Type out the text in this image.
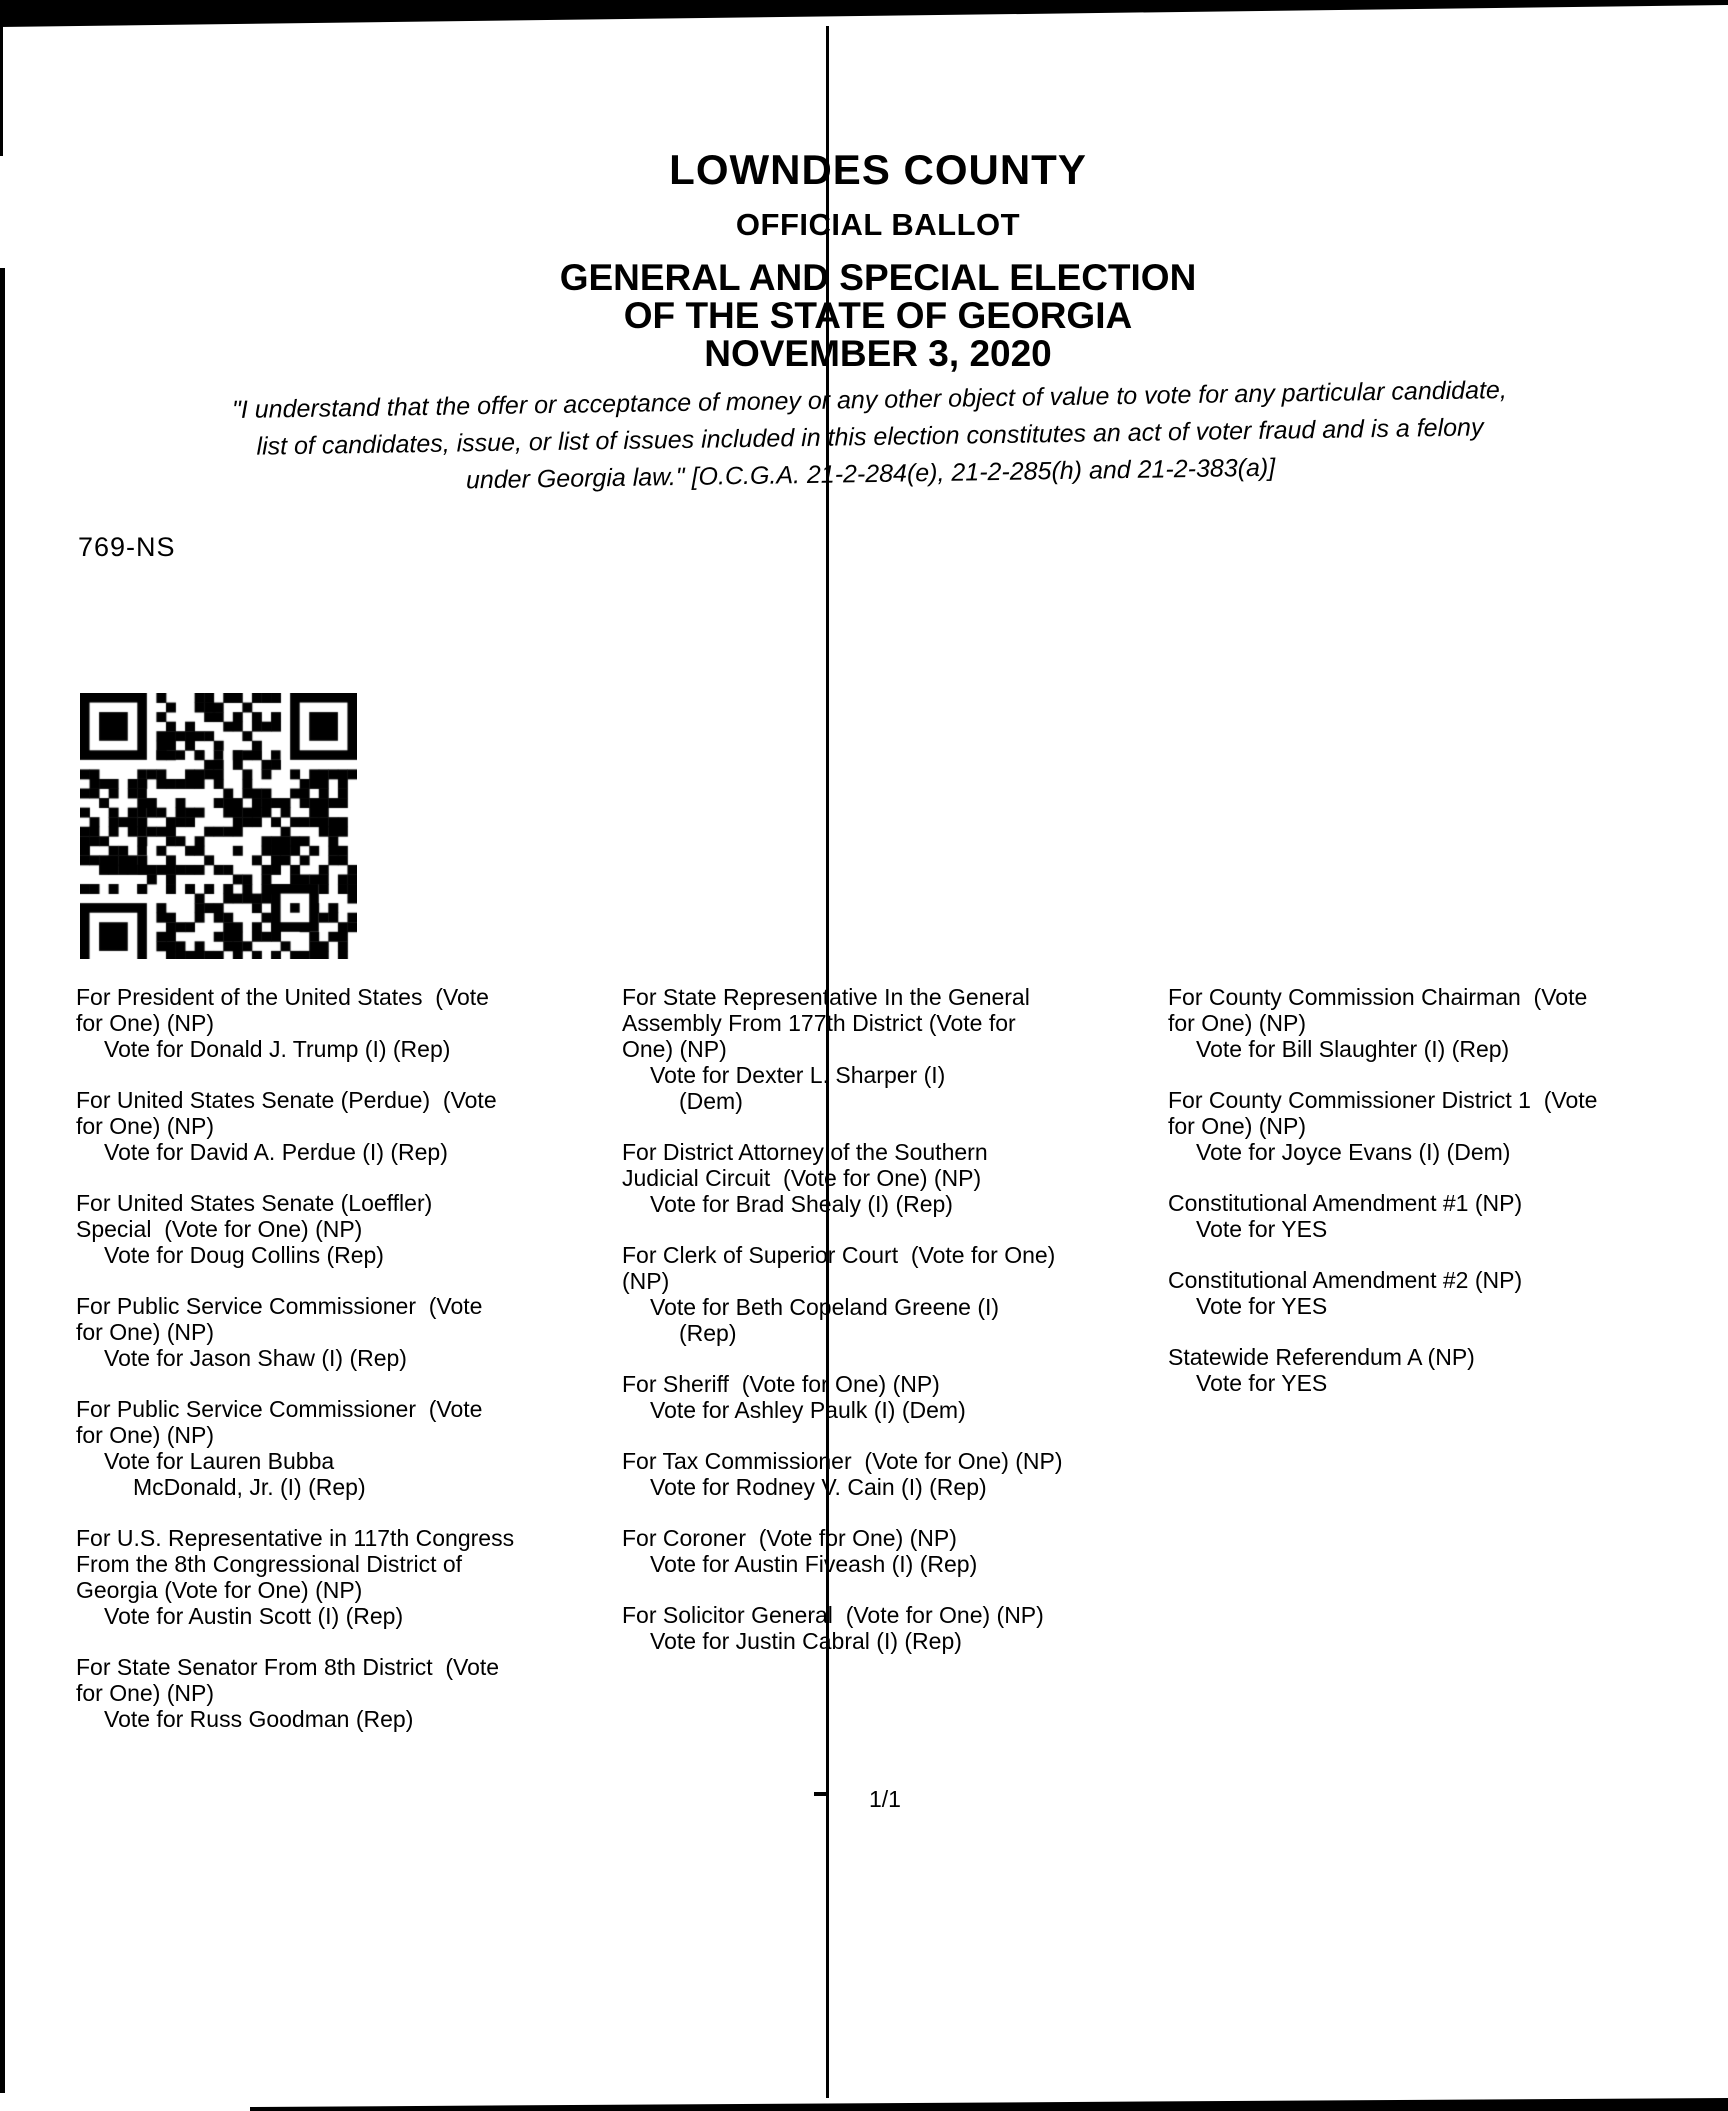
LOWNDES COUNTY
OFFICIAL BALLOT
GENERAL AND SPECIAL ELECTION
OF THE STATE OF GEORGIA
NOVEMBER 3, 2020
"I understand that the offer or acceptance of money or any other object of value to vote for any particular candidate,
list of candidates, issue, or list of issues included in this election constitutes an act of voter fraud and is a felony
under Georgia law." [O.C.G.A. 21-2-284(e), 21-2-285(h) and 21-2-383(a)]
769-NS
For President of the United States  (Vote
for One) (NP)
Vote for Donald J. Trump (I) (Rep)
For United States Senate (Perdue)  (Vote
for One) (NP)
Vote for David A. Perdue (I) (Rep)
For United States Senate (Loeffler)
Special  (Vote for One) (NP)
Vote for Doug Collins (Rep)
For Public Service Commissioner  (Vote
for One) (NP)
Vote for Jason Shaw (I) (Rep)
For Public Service Commissioner  (Vote
for One) (NP)
Vote for Lauren Bubba
McDonald, Jr. (I) (Rep)
For U.S. Representative in 117th Congress
From the 8th Congressional District of
Georgia (Vote for One) (NP)
Vote for Austin Scott (I) (Rep)
For State Senator From 8th District  (Vote
for One) (NP)
Vote for Russ Goodman (Rep)
For State Representative In the General
Assembly From 177th District (Vote for
One) (NP)
Vote for Dexter L. Sharper (I)
(Dem)
For District Attorney of the Southern
Judicial Circuit  (Vote for One) (NP)
Vote for Brad Shealy (I) (Rep)
For Clerk of Superior Court  (Vote for One)
(NP)
Vote for Beth Copeland Greene (I)
(Rep)
For Sheriff  (Vote for One) (NP)
Vote for Ashley Paulk (I) (Dem)
For Tax Commissioner  (Vote for One) (NP)
Vote for Rodney V. Cain (I) (Rep)
For Coroner  (Vote for One) (NP)
Vote for Austin Fiveash (I) (Rep)
For Solicitor General  (Vote for One) (NP)
Vote for Justin Cabral (I) (Rep)
For County Commission Chairman  (Vote
for One) (NP)
Vote for Bill Slaughter (I) (Rep)
For County Commissioner District 1  (Vote
for One) (NP)
Vote for Joyce Evans (I) (Dem)
Constitutional Amendment #1 (NP)
Vote for YES
Constitutional Amendment #2 (NP)
Vote for YES
Statewide Referendum A (NP)
Vote for YES
1/1
